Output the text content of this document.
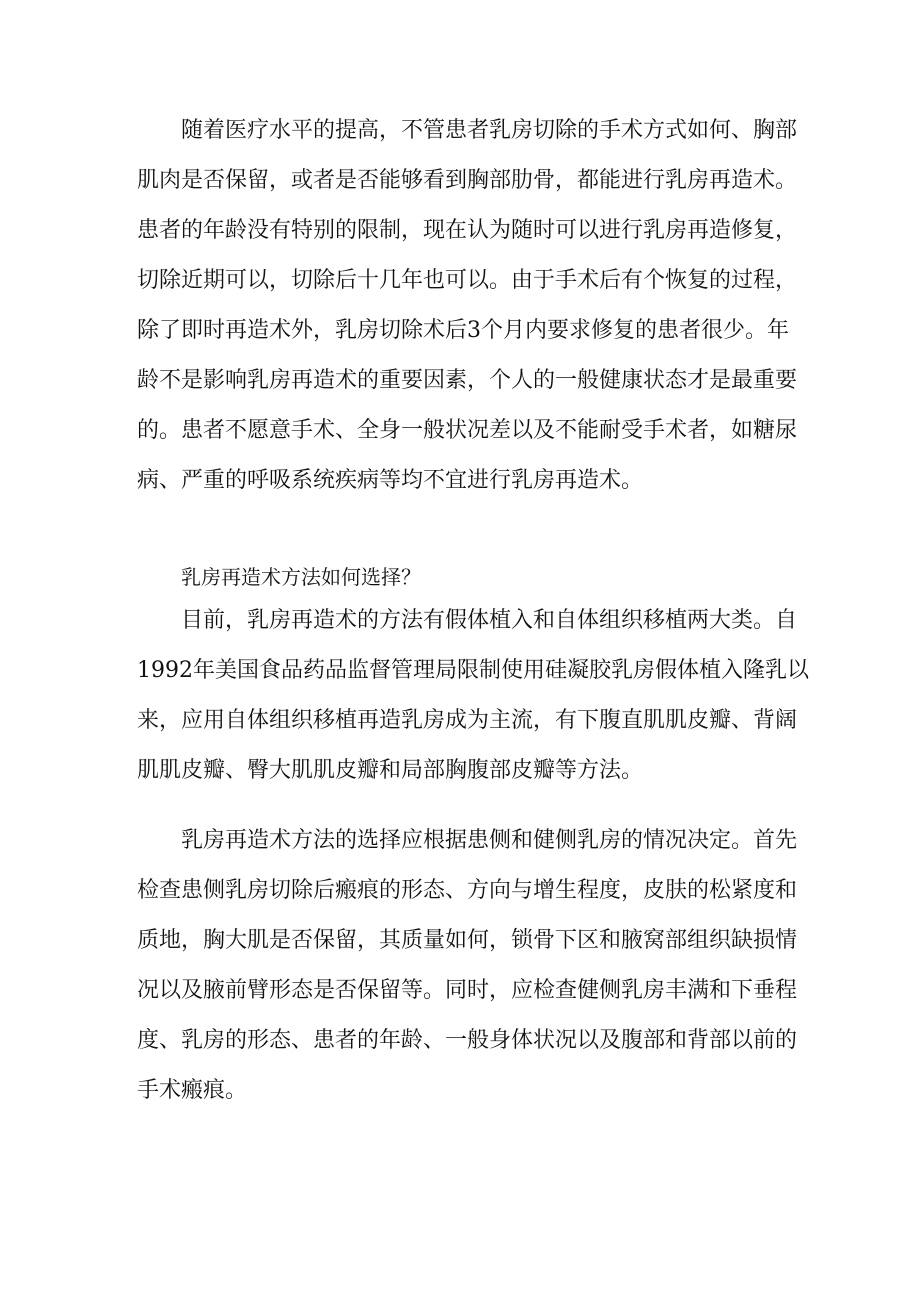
随着医疗水平的提高，不管患者乳房切除的手术方式如何、胸部
肌肉是否保留，或者是否能够看到胸部肋骨，都能进行乳房再造术。
患者的年龄没有特别的限制，现在认为随时可以进行乳房再造修复，
切除近期可以，切除后十几年也可以。由于手术后有个恢复的过程，
除了即时再造术外，乳房切除术后3个月内要求修复的患者很少。年
龄不是影响乳房再造术的重要因素，个人的一般健康状态才是最重要
的。患者不愿意手术、全身一般状况差以及不能耐受手术者，如糖尿
病、严重的呼吸系统疾病等均不宜进行乳房再造术。
乳房再造术方法如何选择？
目前，乳房再造术的方法有假体植入和自体组织移植两大类。自
1992年美国食品药品监督管理局限制使用硅凝胶乳房假体植入隆乳以
来，应用自体组织移植再造乳房成为主流，有下腹直肌肌皮瓣、背阔
肌肌皮瓣、臀大肌肌皮瓣和局部胸腹部皮瓣等方法。
乳房再造术方法的选择应根据患侧和健侧乳房的情况决定。首先
检查患侧乳房切除后瘢痕的形态、方向与增生程度，皮肤的松紧度和
质地，胸大肌是否保留，其质量如何，锁骨下区和腋窝部组织缺损情
况以及腋前臂形态是否保留等。同时，应检查健侧乳房丰满和下垂程
度、乳房的形态、患者的年龄、一般身体状况以及腹部和背部以前的
手术瘢痕。
